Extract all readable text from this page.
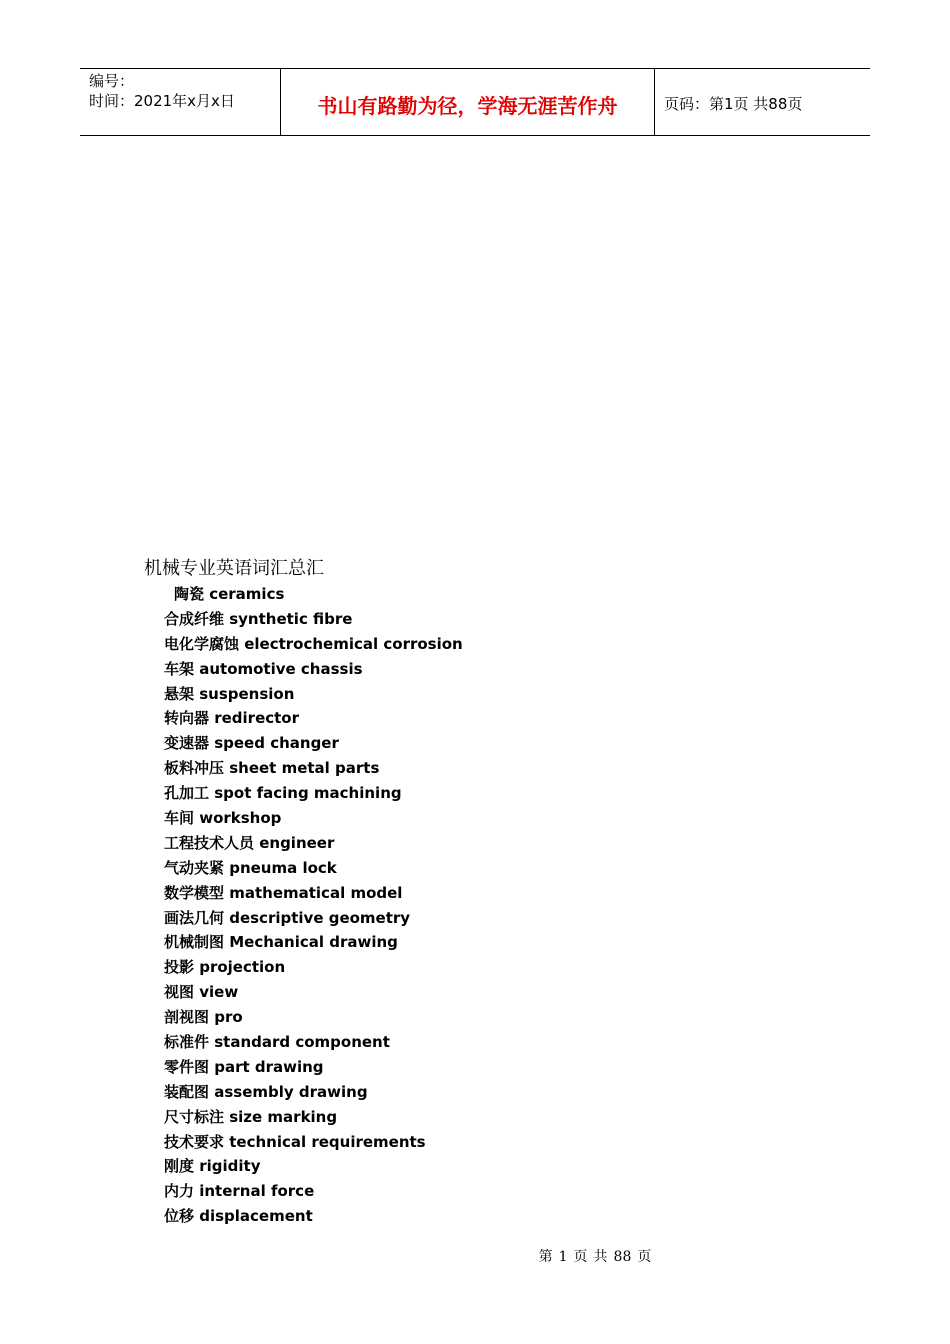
编号：
时间：2021年x月x日	书山有路勤为径，学海无涯苦作舟	页码：第1页 共88页
机械专业英语词汇总汇
陶瓷 ceramics
合成纤维 synthetic fibre
电化学腐蚀 electrochemical corrosion
车架 automotive chassis
悬架 suspension
转向器 redirector
变速器 speed changer
板料冲压 sheet metal parts
孔加工 spot facing machining
车间 workshop
工程技术人员 engineer
气动夹紧 pneuma lock
数学模型 mathematical model
画法几何 descriptive geometry
机械制图 Mechanical drawing
投影 projection
视图 view
剖视图 pro
标准件 standard component
零件图 part drawing
装配图 assembly drawing
尺寸标注 size marking
技术要求 technical requirements
刚度 rigidity
内力 internal force
位移 displacement
第 1 页 共 88 页
